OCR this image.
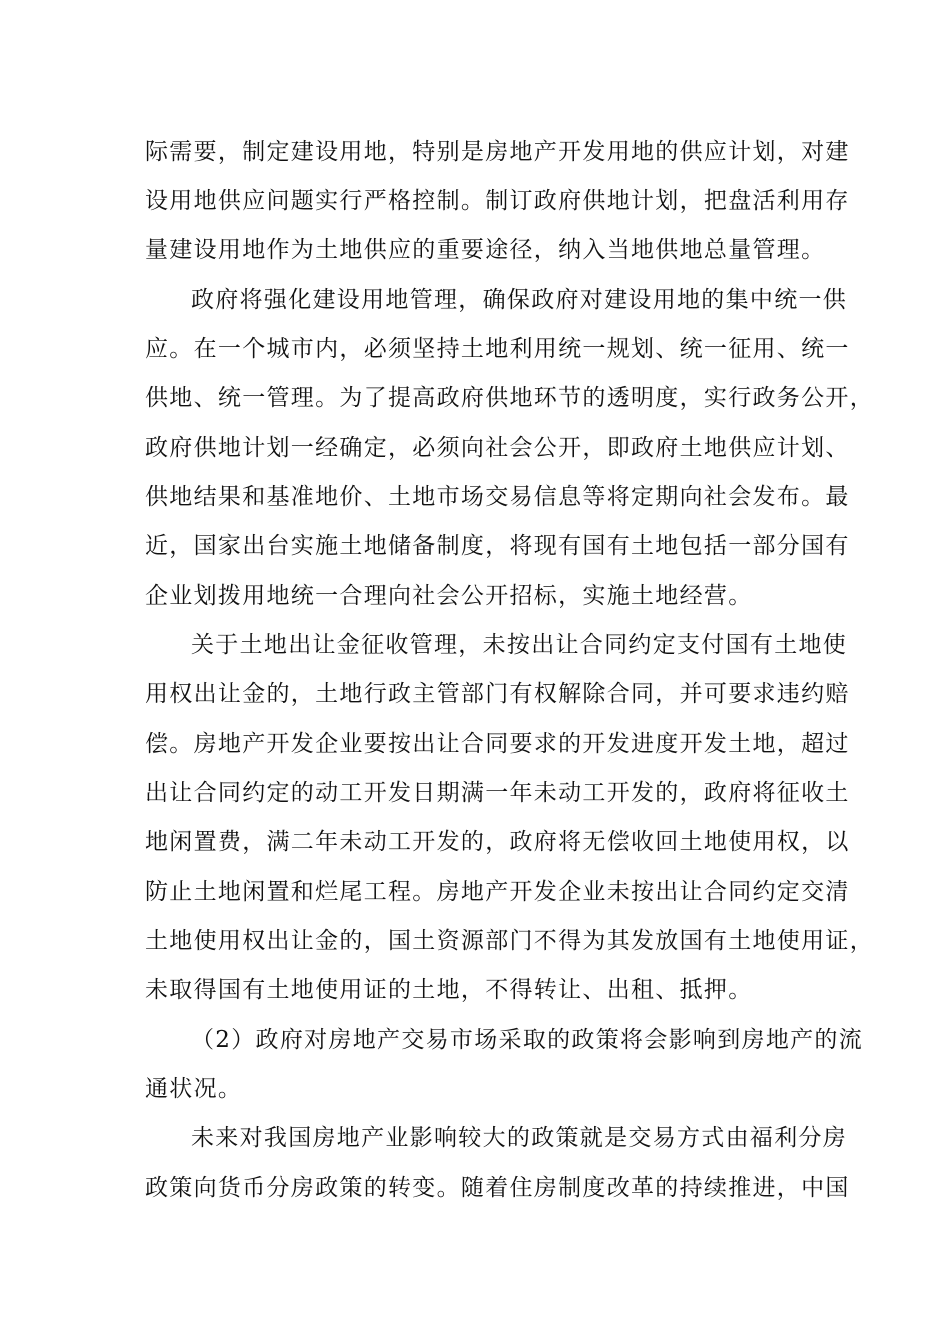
际需要，制定建设用地，特别是房地产开发用地的供应计划，对建
设用地供应问题实行严格控制。制订政府供地计划，把盘活利用存
量建设用地作为土地供应的重要途径，纳入当地供地总量管理。
政府将强化建设用地管理，确保政府对建设用地的集中统一供
应。在一个城市内，必须坚持土地利用统一规划、统一征用、统一
供地、统一管理。为了提高政府供地环节的透明度，实行政务公开，
政府供地计划一经确定，必须向社会公开，即政府土地供应计划、
供地结果和基准地价、土地市场交易信息等将定期向社会发布。最
近，国家出台实施土地储备制度，将现有国有土地包括一部分国有
企业划拨用地统一合理向社会公开招标，实施土地经营。
关于土地出让金征收管理，未按出让合同约定支付国有土地使
用权出让金的，土地行政主管部门有权解除合同，并可要求违约赔
偿。房地产开发企业要按出让合同要求的开发进度开发土地，超过
出让合同约定的动工开发日期满一年未动工开发的，政府将征收土
地闲置费，满二年未动工开发的，政府将无偿收回土地使用权，以
防止土地闲置和烂尾工程。房地产开发企业未按出让合同约定交清
土地使用权出让金的，国土资源部门不得为其发放国有土地使用证，
未取得国有土地使用证的土地，不得转让、出租、抵押。
（2）政府对房地产交易市场采取的政策将会影响到房地产的流
通状况。
未来对我国房地产业影响较大的政策就是交易方式由福利分房
政策向货币分房政策的转变。随着住房制度改革的持续推进，中国
